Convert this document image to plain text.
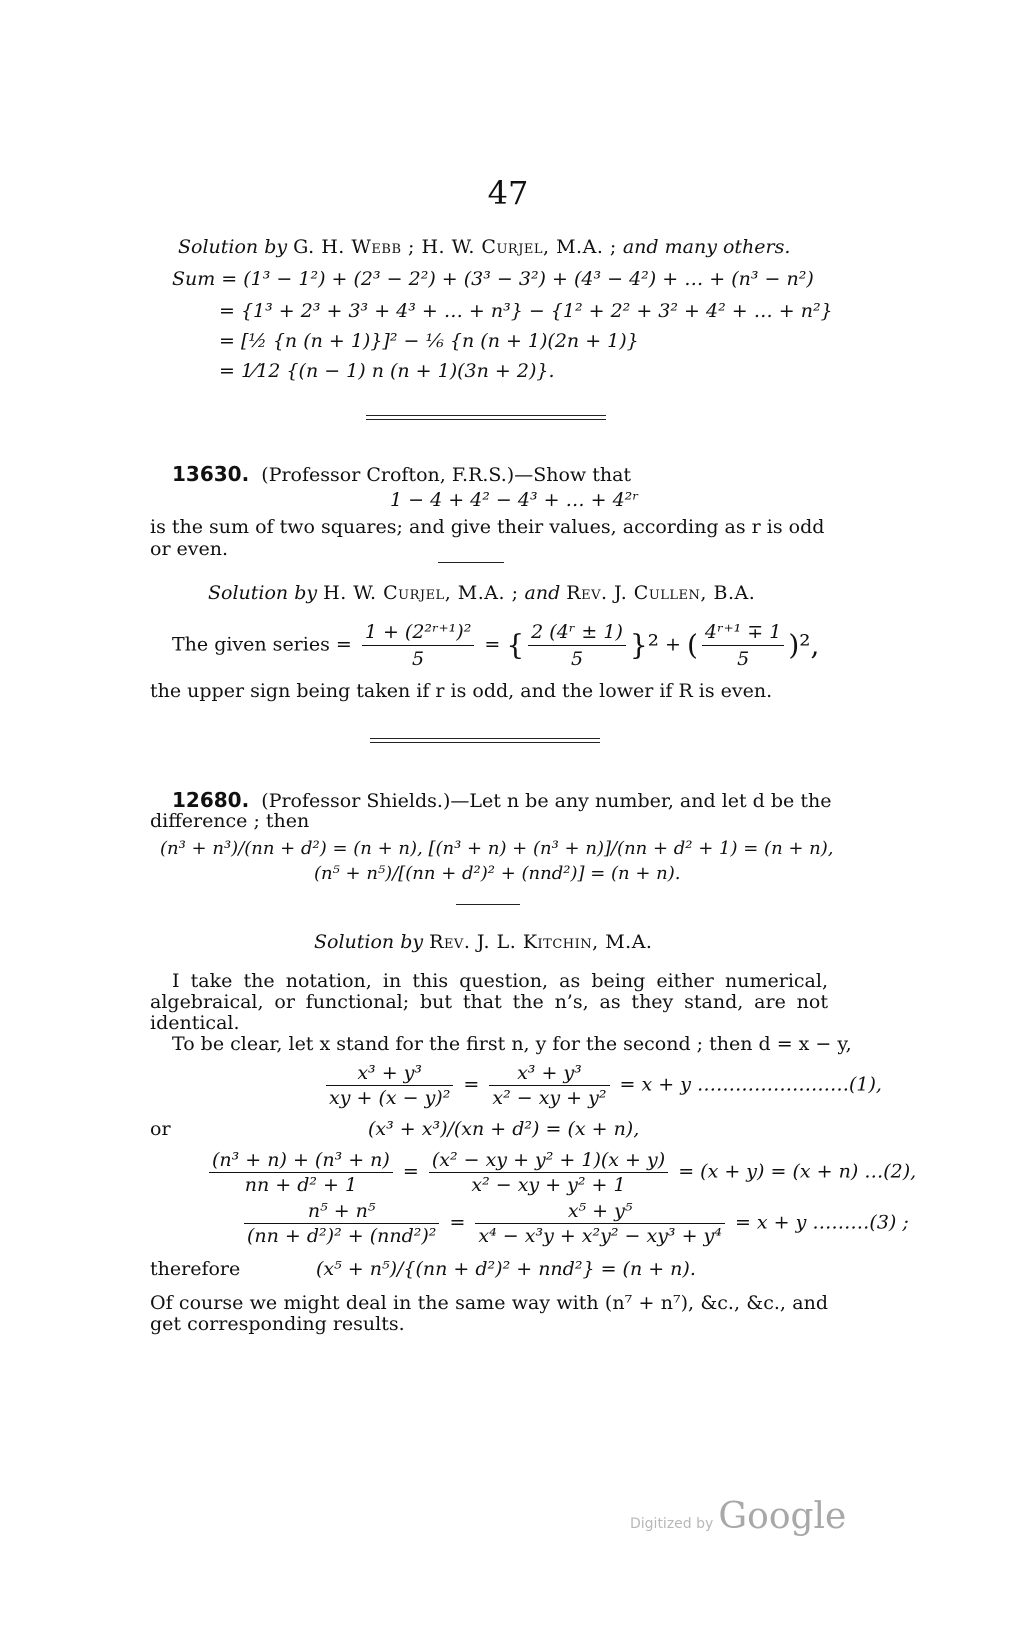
47
Solution by G. H. Webb ; H. W. Curjel, M.A. ; and many others.
Sum = (1³ − 1²) + (2³ − 2²) + (3³ − 3²) + (4³ − 4²) + … + (n³ − n²)
= {1³ + 2³ + 3³ + 4³ + … + n³} − {1² + 2² + 3² + 4² + … + n²}
= [½ {n (n + 1)}]² − ⅙ {n (n + 1)(2n + 1)}
= 1⁄12 {(n − 1) n (n + 1)(3n + 2)}.
13630. (Professor Crofton, F.R.S.)—Show that
1 − 4 + 4² − 4³ + … + 4²ʳ
is the sum of two squares; and give their values, according as r is odd
or even.
Solution by H. W. Curjel, M.A. ; and Rev. J. Cullen, B.A.
The given series = $\frac{\text{1 + (2²ʳ⁺¹)²}}{5}$ = { $\frac{\text{2 (4ʳ ± 1)}}{5} \}^2$ + ( $\frac{\text{4ʳ⁺¹ ∓ 1}}{5} )^2$,
the upper sign being taken if r is odd, and the lower if R is even.
12680. (Professor Shields.)—Let n be any number, and let d be the
difference ; then
(n³ + n³)/(nn + d²) = (n + n), [(n³ + n) + (n³ + n)]/(nn + d² + 1) = (n + n),
(n⁵ + n⁵)/[(nn + d²)² + (nnd²)] = (n + n).
Solution by Rev. J. L. Kitchin, M.A.
I take the notation, in this question, as being either numerical,
algebraical, or functional; but that the n’s, as they stand, are not
identical.
To be clear, let x stand for the first n, y for the second ; then d = x − y,
$\frac{\text{x³ + y³}}{\text{xy + (x − y)²}} = \frac{\text{x³ + y³}}{\text{x² − xy + y²}} = x + y$ ……………………(1),
or	(x³ + x³)/(xn + d²) = (x + n),
$\frac{\text{(n³ + n) + (n³ + n)}}{\text{nn + d² + 1}} = \frac{\text{(x² − xy + y² + 1)(x + y)}}{\text{x² − xy + y² + 1}} = (x + y) = (x + n)$ …(2),
$\frac{\text{n⁵ + n⁵}}{\text{(nn + d²)² + (nnd²)²}} = \frac{\text{x⁵ + y⁵}}{\text{x⁴ − x³y + x²y² − xy³ + y⁴}} = x + y$ ………(3) ;
therefore	(x⁵ + n⁵)/{(nn + d²)² + nnd²} = (n + n).
Of course we might deal in the same way with (n⁷ + n⁷), &c., &c., and
get corresponding results.
Digitized by Google
